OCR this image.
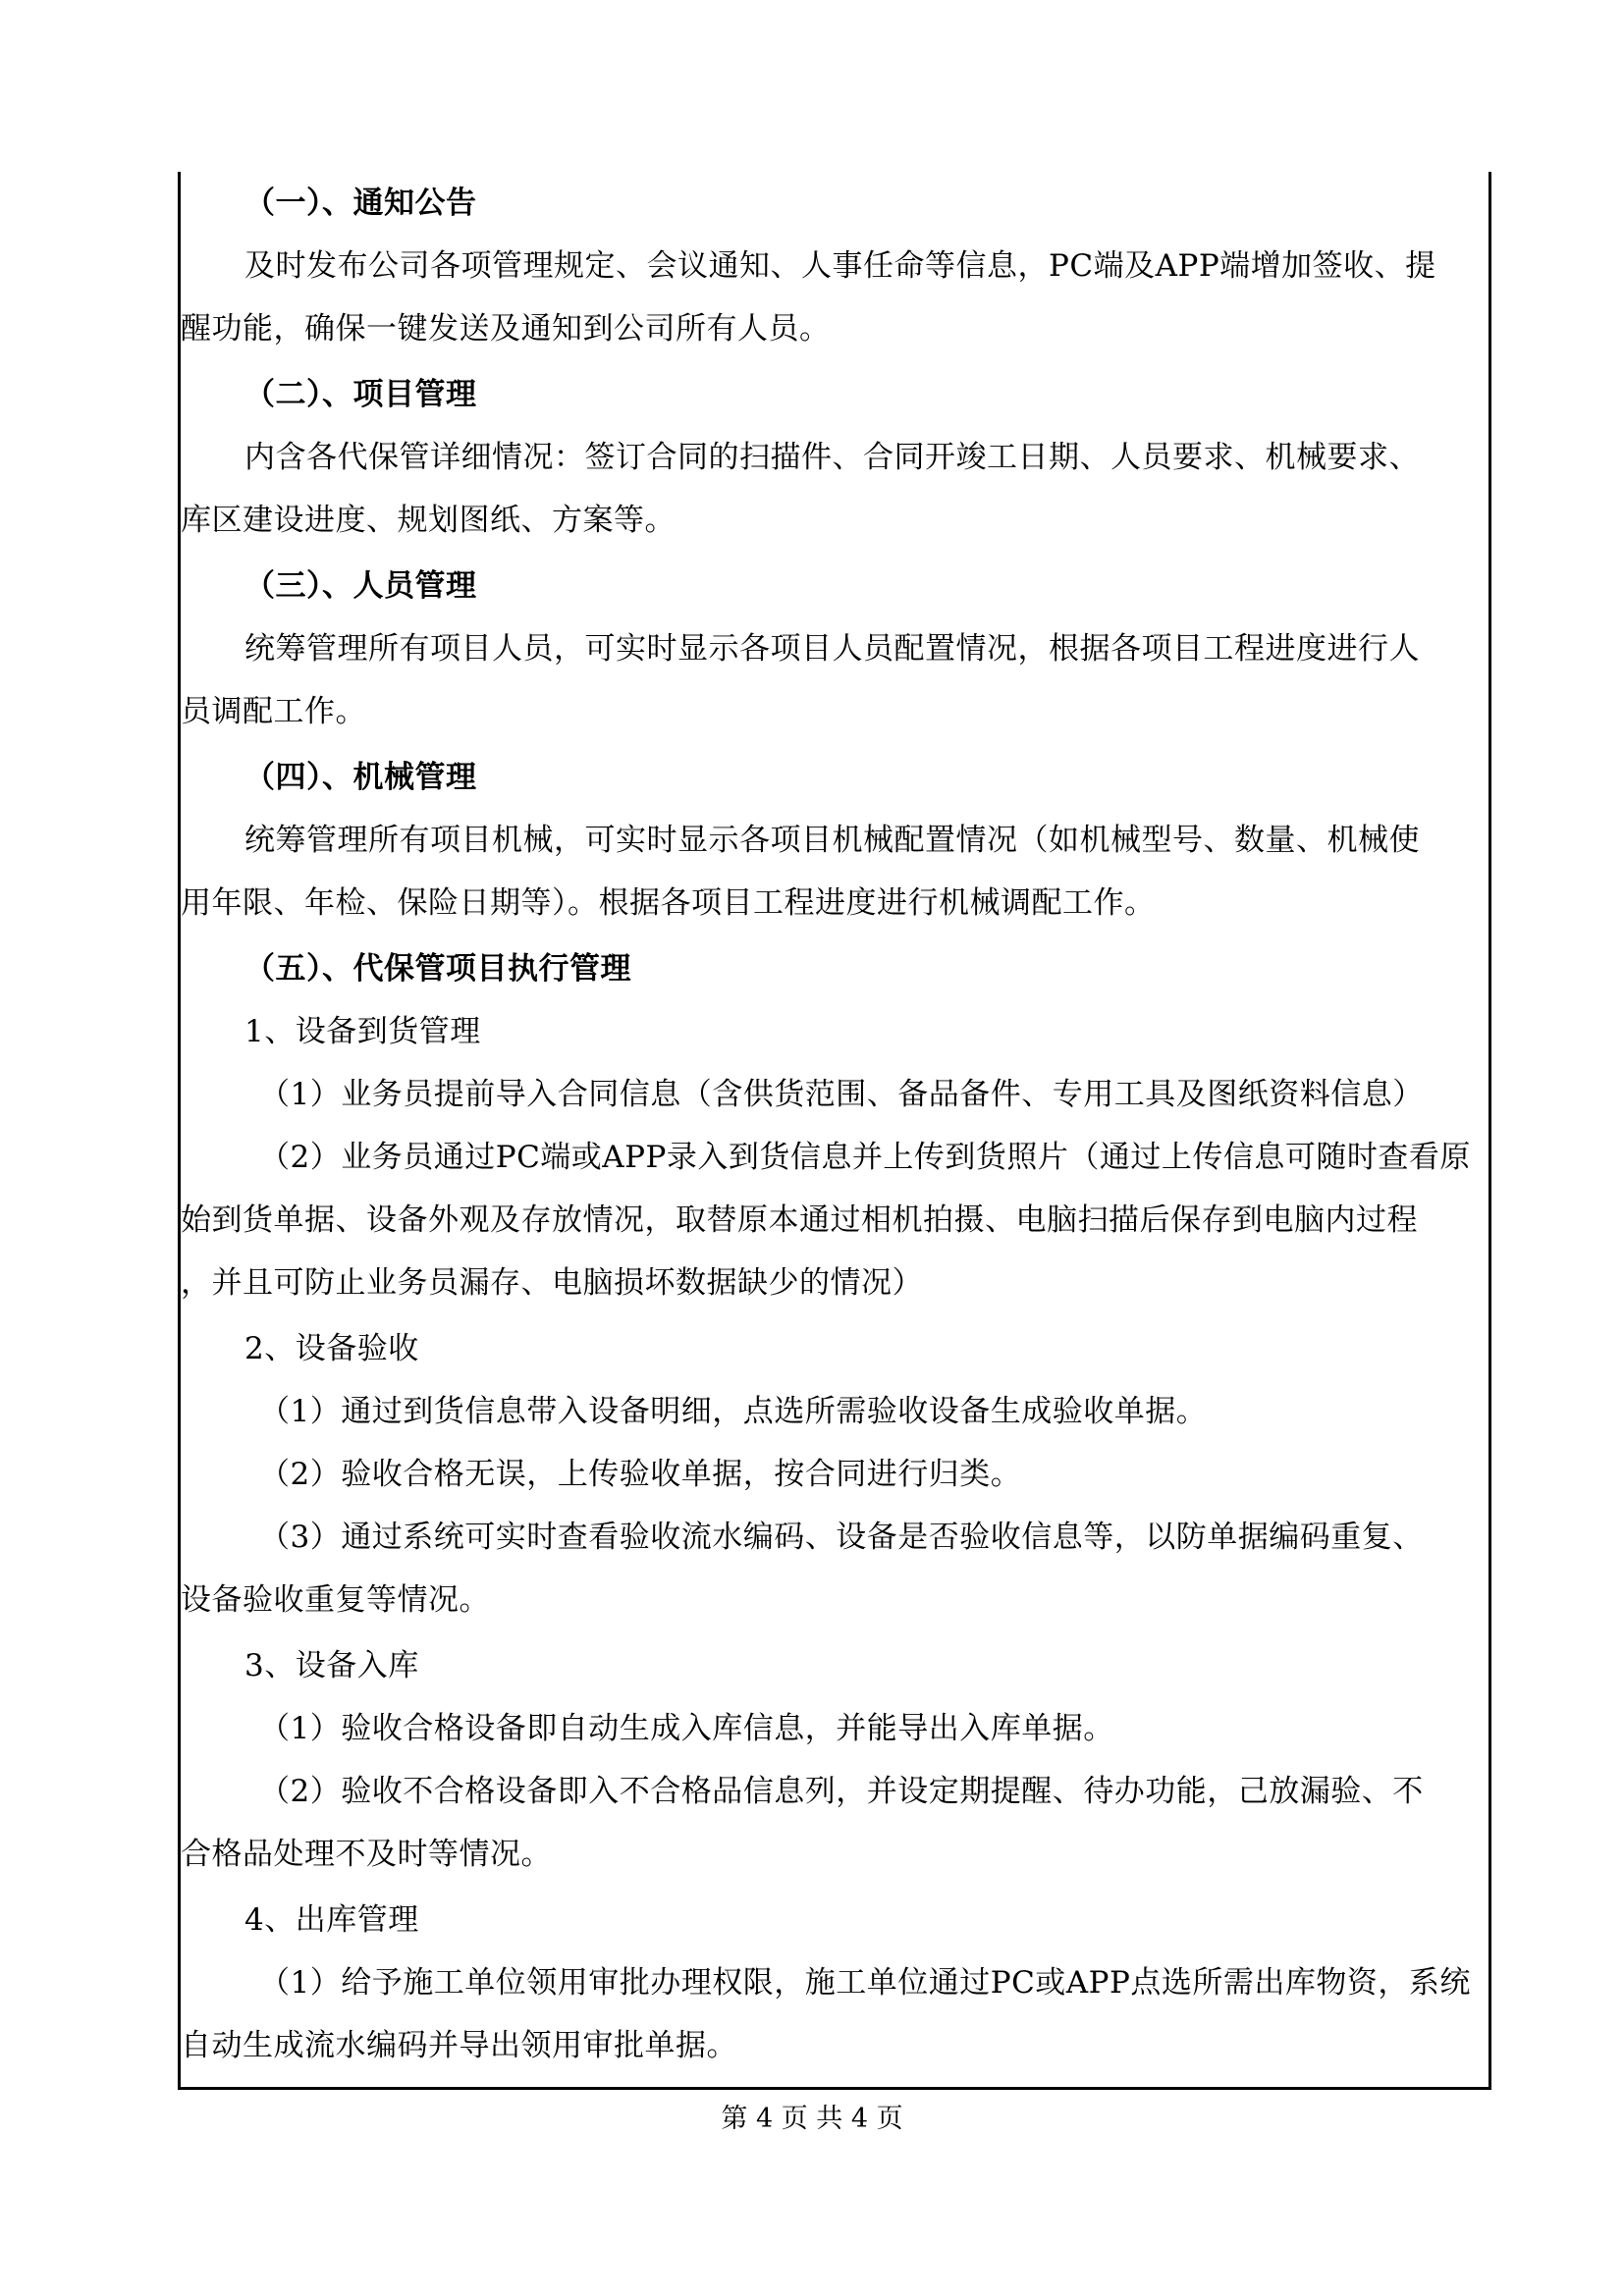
（一）、通知公告
及时发布公司各项管理规定、会议通知、人事任命等信息，PC端及APP端增加签收、提
醒功能，确保一键发送及通知到公司所有人员。
（二）、项目管理
内含各代保管详细情况：签订合同的扫描件、合同开竣工日期、人员要求、机械要求、
库区建设进度、规划图纸、方案等。
（三）、人员管理
统筹管理所有项目人员，可实时显示各项目人员配置情况，根据各项目工程进度进行人
员调配工作。
（四）、机械管理
统筹管理所有项目机械，可实时显示各项目机械配置情况（如机械型号、数量、机械使
用年限、年检、保险日期等）。根据各项目工程进度进行机械调配工作。
（五）、代保管项目执行管理
1、设备到货管理
（1）业务员提前导入合同信息（含供货范围、备品备件、专用工具及图纸资料信息）
（2）业务员通过PC端或APP录入到货信息并上传到货照片（通过上传信息可随时查看原
始到货单据、设备外观及存放情况，取替原本通过相机拍摄、电脑扫描后保存到电脑内过程
，并且可防止业务员漏存、电脑损坏数据缺少的情况）
2、设备验收
（1）通过到货信息带入设备明细，点选所需验收设备生成验收单据。
（2）验收合格无误，上传验收单据，按合同进行归类。
（3）通过系统可实时查看验收流水编码、设备是否验收信息等，以防单据编码重复、
设备验收重复等情况。
3、设备入库
（1）验收合格设备即自动生成入库信息，并能导出入库单据。
（2）验收不合格设备即入不合格品信息列，并设定期提醒、待办功能，己放漏验、不
合格品处理不及时等情况。
4、出库管理
（1）给予施工单位领用审批办理权限，施工单位通过PC或APP点选所需出库物资，系统
自动生成流水编码并导出领用审批单据。
第 4 页 共 4 页
